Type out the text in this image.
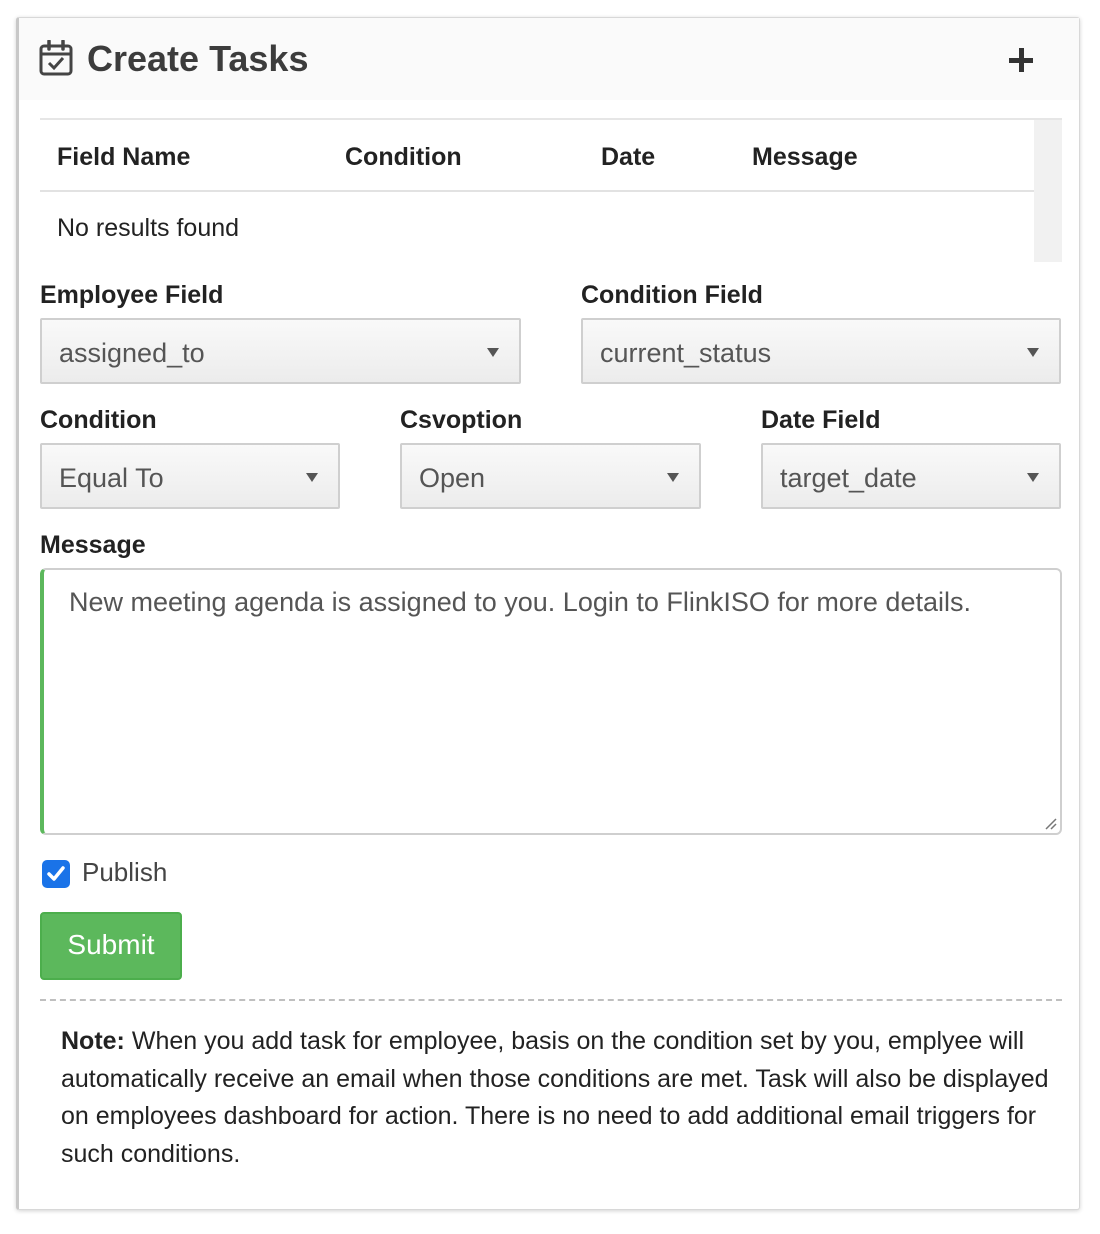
Create Tasks
Field Name	Condition	Date	Message
No results found
Employee Field
assigned_to
Condition Field
current_status
Condition
Equal To
Csvoption
Open
Date Field
target_date
Message
New meeting agenda is assigned to you. Login to FlinkISO for more details.
Publish
Submit
Note: When you add task for employee, basis on the condition set by you, emplyee will automatically receive an email when those conditions are met. Task will also be displayed on employees dashboard for action. There is no need to add additional email triggers for such conditions.
